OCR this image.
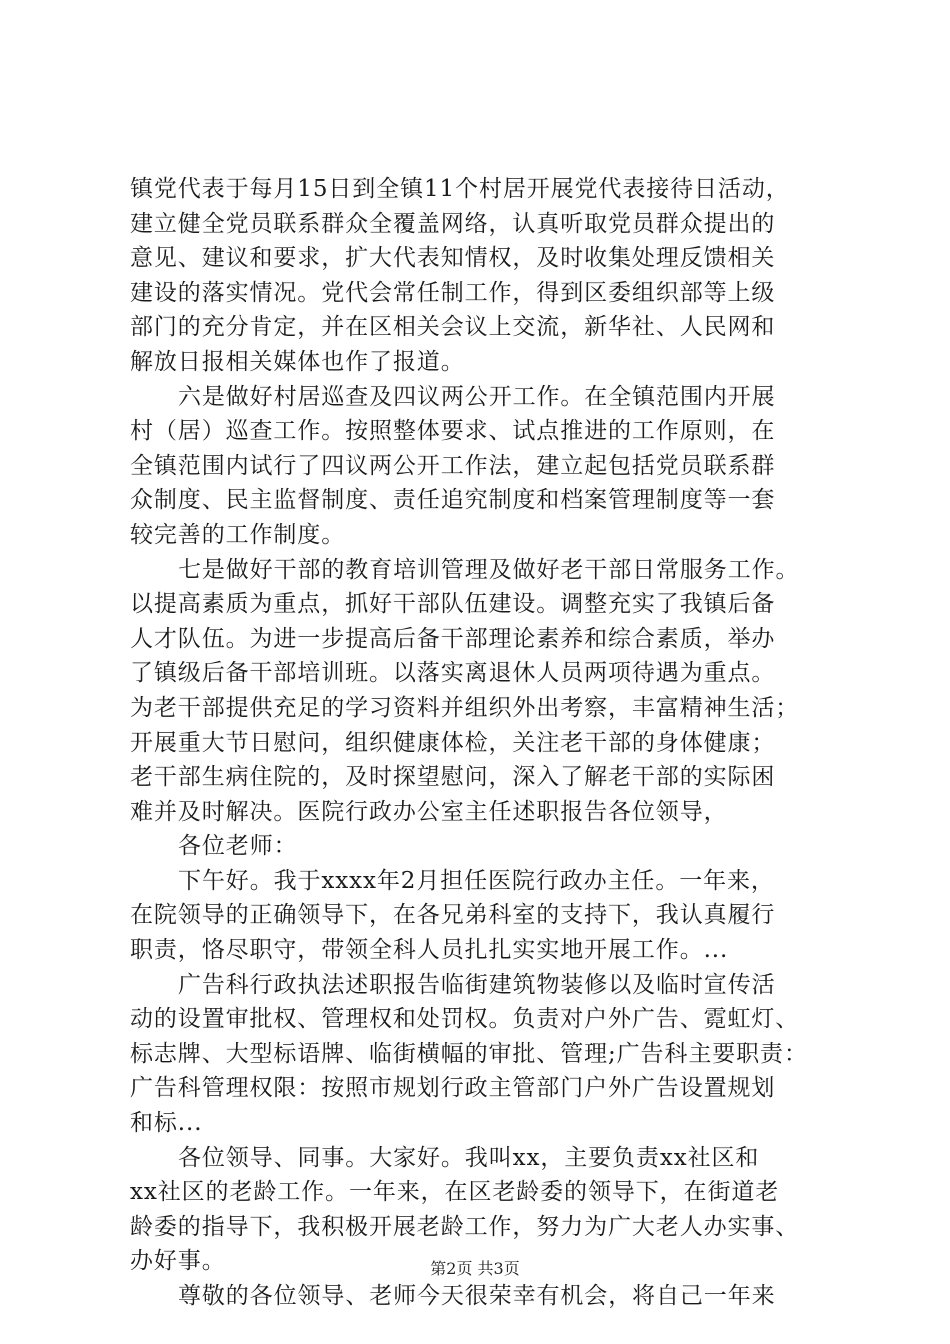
镇党代表于每月15日到全镇11个村居开展党代表接待日活动，
建立健全党员联系群众全覆盖网络，认真听取党员群众提出的
意见、建议和要求，扩大代表知情权，及时收集处理反馈相关
建设的落实情况。党代会常任制工作，得到区委组织部等上级
部门的充分肯定，并在区相关会议上交流，新华社、人民网和
解放日报相关媒体也作了报道。
六是做好村居巡查及四议两公开工作。在全镇范围内开展
村（居）巡查工作。按照整体要求、试点推进的工作原则，在
全镇范围内试行了四议两公开工作法，建立起包括党员联系群
众制度、民主监督制度、责任追究制度和档案管理制度等一套
较完善的工作制度。
七是做好干部的教育培训管理及做好老干部日常服务工作。
以提高素质为重点，抓好干部队伍建设。调整充实了我镇后备
人才队伍。为进一步提高后备干部理论素养和综合素质，举办
了镇级后备干部培训班。以落实离退休人员两项待遇为重点。
为老干部提供充足的学习资料并组织外出考察，丰富精神生活；
开展重大节日慰问，组织健康体检，关注老干部的身体健康；
老干部生病住院的，及时探望慰问，深入了解老干部的实际困
难并及时解决。医院行政办公室主任述职报告各位领导，
各位老师：
下午好。我于xxxx年2月担任医院行政办主任。一年来，
在院领导的正确领导下，在各兄弟科室的支持下，我认真履行
职责，恪尽职守，带领全科人员扎扎实实地开展工作。...
广告科行政执法述职报告临街建筑物装修以及临时宣传活
动的设置审批权、管理权和处罚权。负责对户外广告、霓虹灯、
标志牌、大型标语牌、临街横幅的审批、管理;广告科主要职责：
广告科管理权限：按照市规划行政主管部门户外广告设置规划
和标...
各位领导、同事。大家好。我叫xx，主要负责xx社区和
xx社区的老龄工作。一年来，在区老龄委的领导下，在街道老
龄委的指导下，我积极开展老龄工作，努力为广大老人办实事、
办好事。
尊敬的各位领导、老师今天很荣幸有机会，将自己一年来
第2页 共3页
